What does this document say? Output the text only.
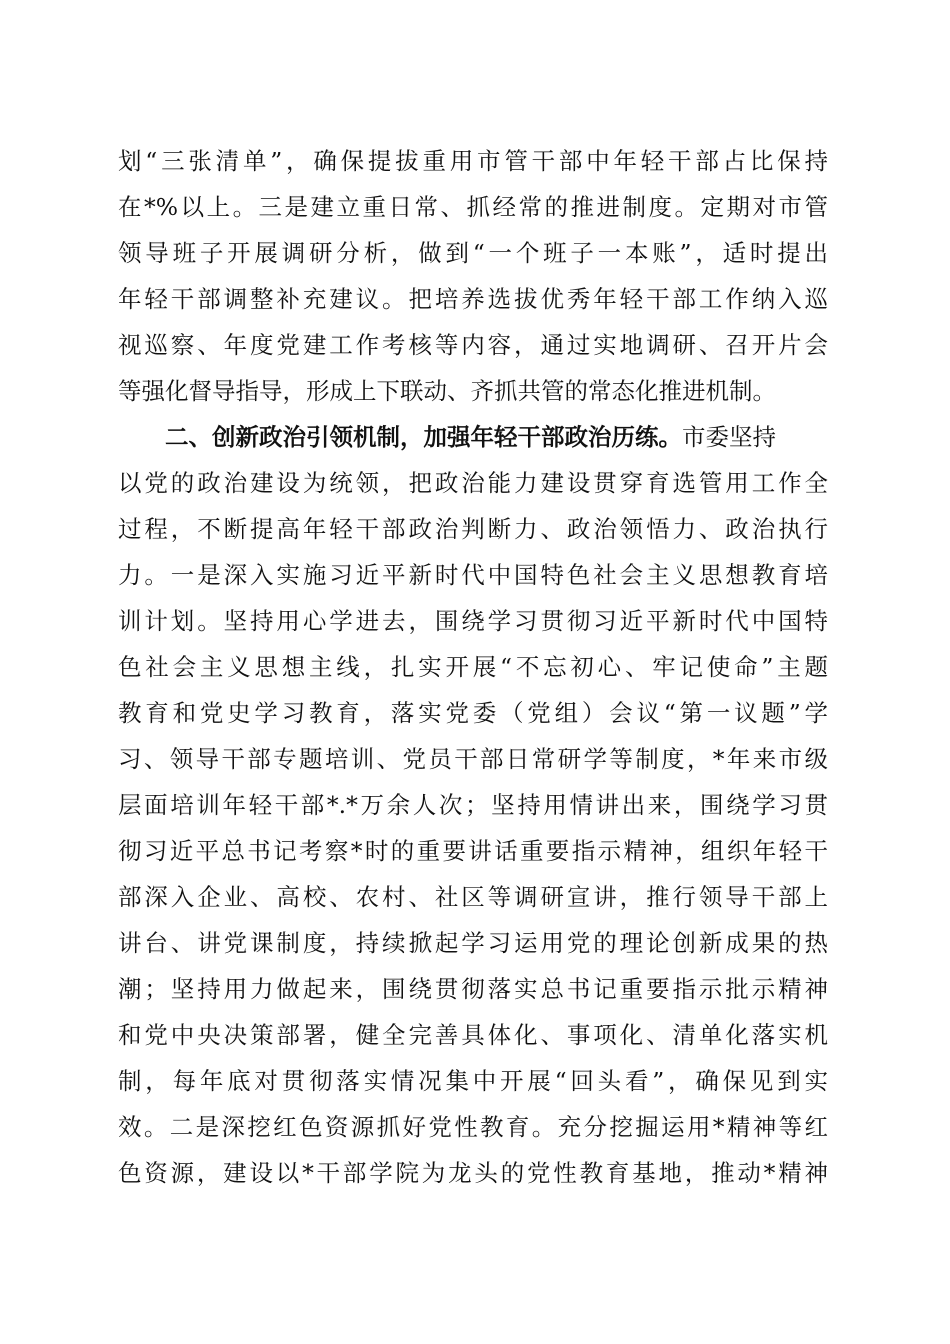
划“三张清单”，确保提拔重用市管干部中年轻干部占比保持
在*%以上。三是建立重日常、抓经常的推进制度。定期对市管
领导班子开展调研分析，做到“一个班子一本账”，适时提出
年轻干部调整补充建议。把培养选拔优秀年轻干部工作纳入巡
视巡察、年度党建工作考核等内容，通过实地调研、召开片会
等强化督导指导，形成上下联动、齐抓共管的常态化推进机制。
二、创新政治引领机制，加强年轻干部政治历练。市委坚持
以党的政治建设为统领，把政治能力建设贯穿育选管用工作全
过程，不断提高年轻干部政治判断力、政治领悟力、政治执行
力。一是深入实施习近平新时代中国特色社会主义思想教育培
训计划。坚持用心学进去，围绕学习贯彻习近平新时代中国特
色社会主义思想主线，扎实开展“不忘初心、牢记使命”主题
教育和党史学习教育，落实党委（党组）会议“第一议题”学
习、领导干部专题培训、党员干部日常研学等制度，*年来市级
层面培训年轻干部*.*万余人次；坚持用情讲出来，围绕学习贯
彻习近平总书记考察*时的重要讲话重要指示精神，组织年轻干
部深入企业、高校、农村、社区等调研宣讲，推行领导干部上
讲台、讲党课制度，持续掀起学习运用党的理论创新成果的热
潮；坚持用力做起来，围绕贯彻落实总书记重要指示批示精神
和党中央决策部署，健全完善具体化、事项化、清单化落实机
制，每年底对贯彻落实情况集中开展“回头看”，确保见到实
效。二是深挖红色资源抓好党性教育。充分挖掘运用*精神等红
色资源，建设以*干部学院为龙头的党性教育基地，推动*精神
